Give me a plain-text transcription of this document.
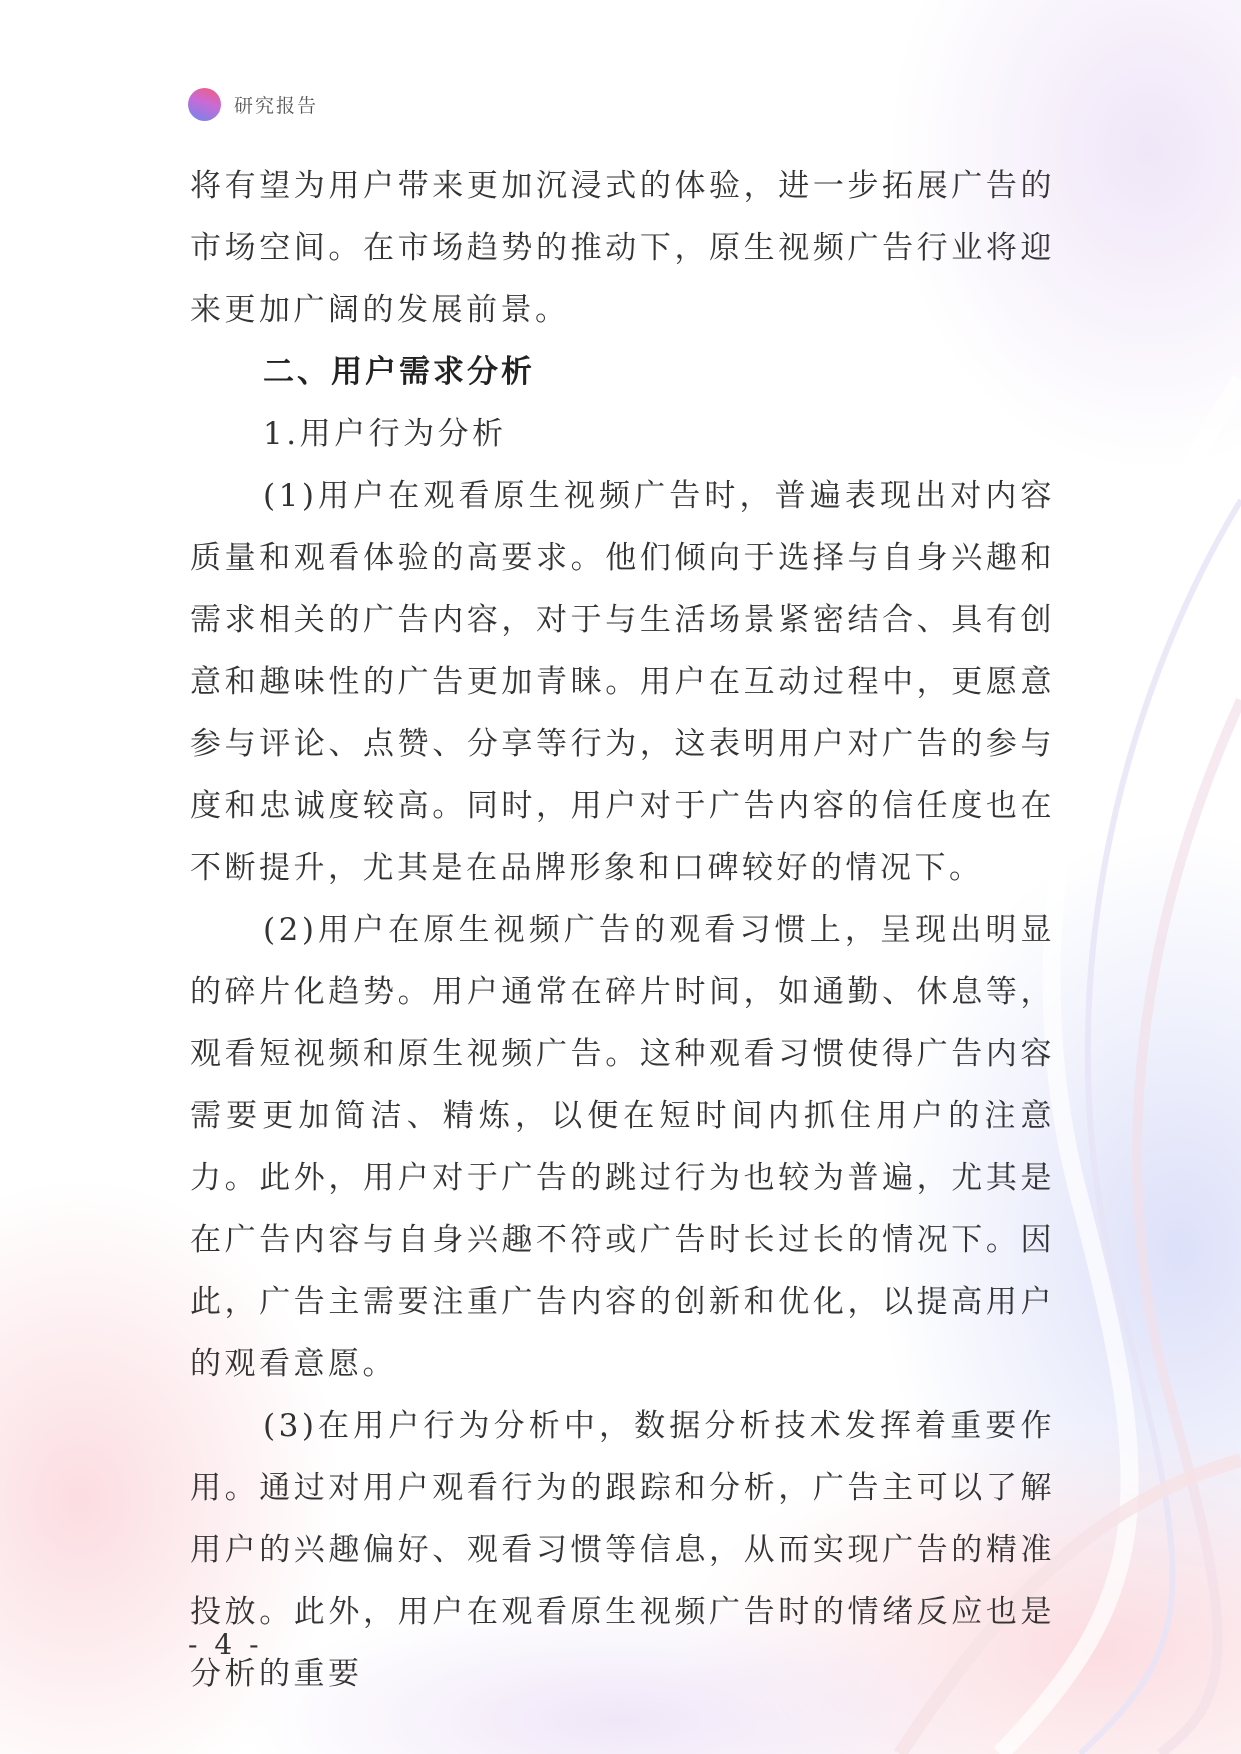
研究报告

将有望为用户带来更加沉浸式的体验，进一步拓展广告的市场空间。在市场趋势的推动下，原生视频广告行业将迎来更加广阔的发展前景。

二、用户需求分析

1.用户行为分析

(1)用户在观看原生视频广告时，普遍表现出对内容质量和观看体验的高要求。他们倾向于选择与自身兴趣和需求相关的广告内容，对于与生活场景紧密结合、具有创意和趣味性的广告更加青睐。用户在互动过程中，更愿意参与评论、点赞、分享等行为，这表明用户对广告的参与度和忠诚度较高。同时，用户对于广告内容的信任度也在不断提升，尤其是在品牌形象和口碑较好的情况下。

(2)用户在原生视频广告的观看习惯上，呈现出明显的碎片化趋势。用户通常在碎片时间，如通勤、休息等，观看短视频和原生视频广告。这种观看习惯使得广告内容需要更加简洁、精炼，以便在短时间内抓住用户的注意力。此外，用户对于广告的跳过行为也较为普遍，尤其是在广告内容与自身兴趣不符或广告时长过长的情况下。因此，广告主需要注重广告内容的创新和优化，以提高用户的观看意愿。

(3)在用户行为分析中，数据分析技术发挥着重要作用。通过对用户观看行为的跟踪和分析，广告主可以了解用户的兴趣偏好、观看习惯等信息，从而实现广告的精准投放。此外，用户在观看原生视频广告时的情绪反应也是分析的重要

- 4 -
